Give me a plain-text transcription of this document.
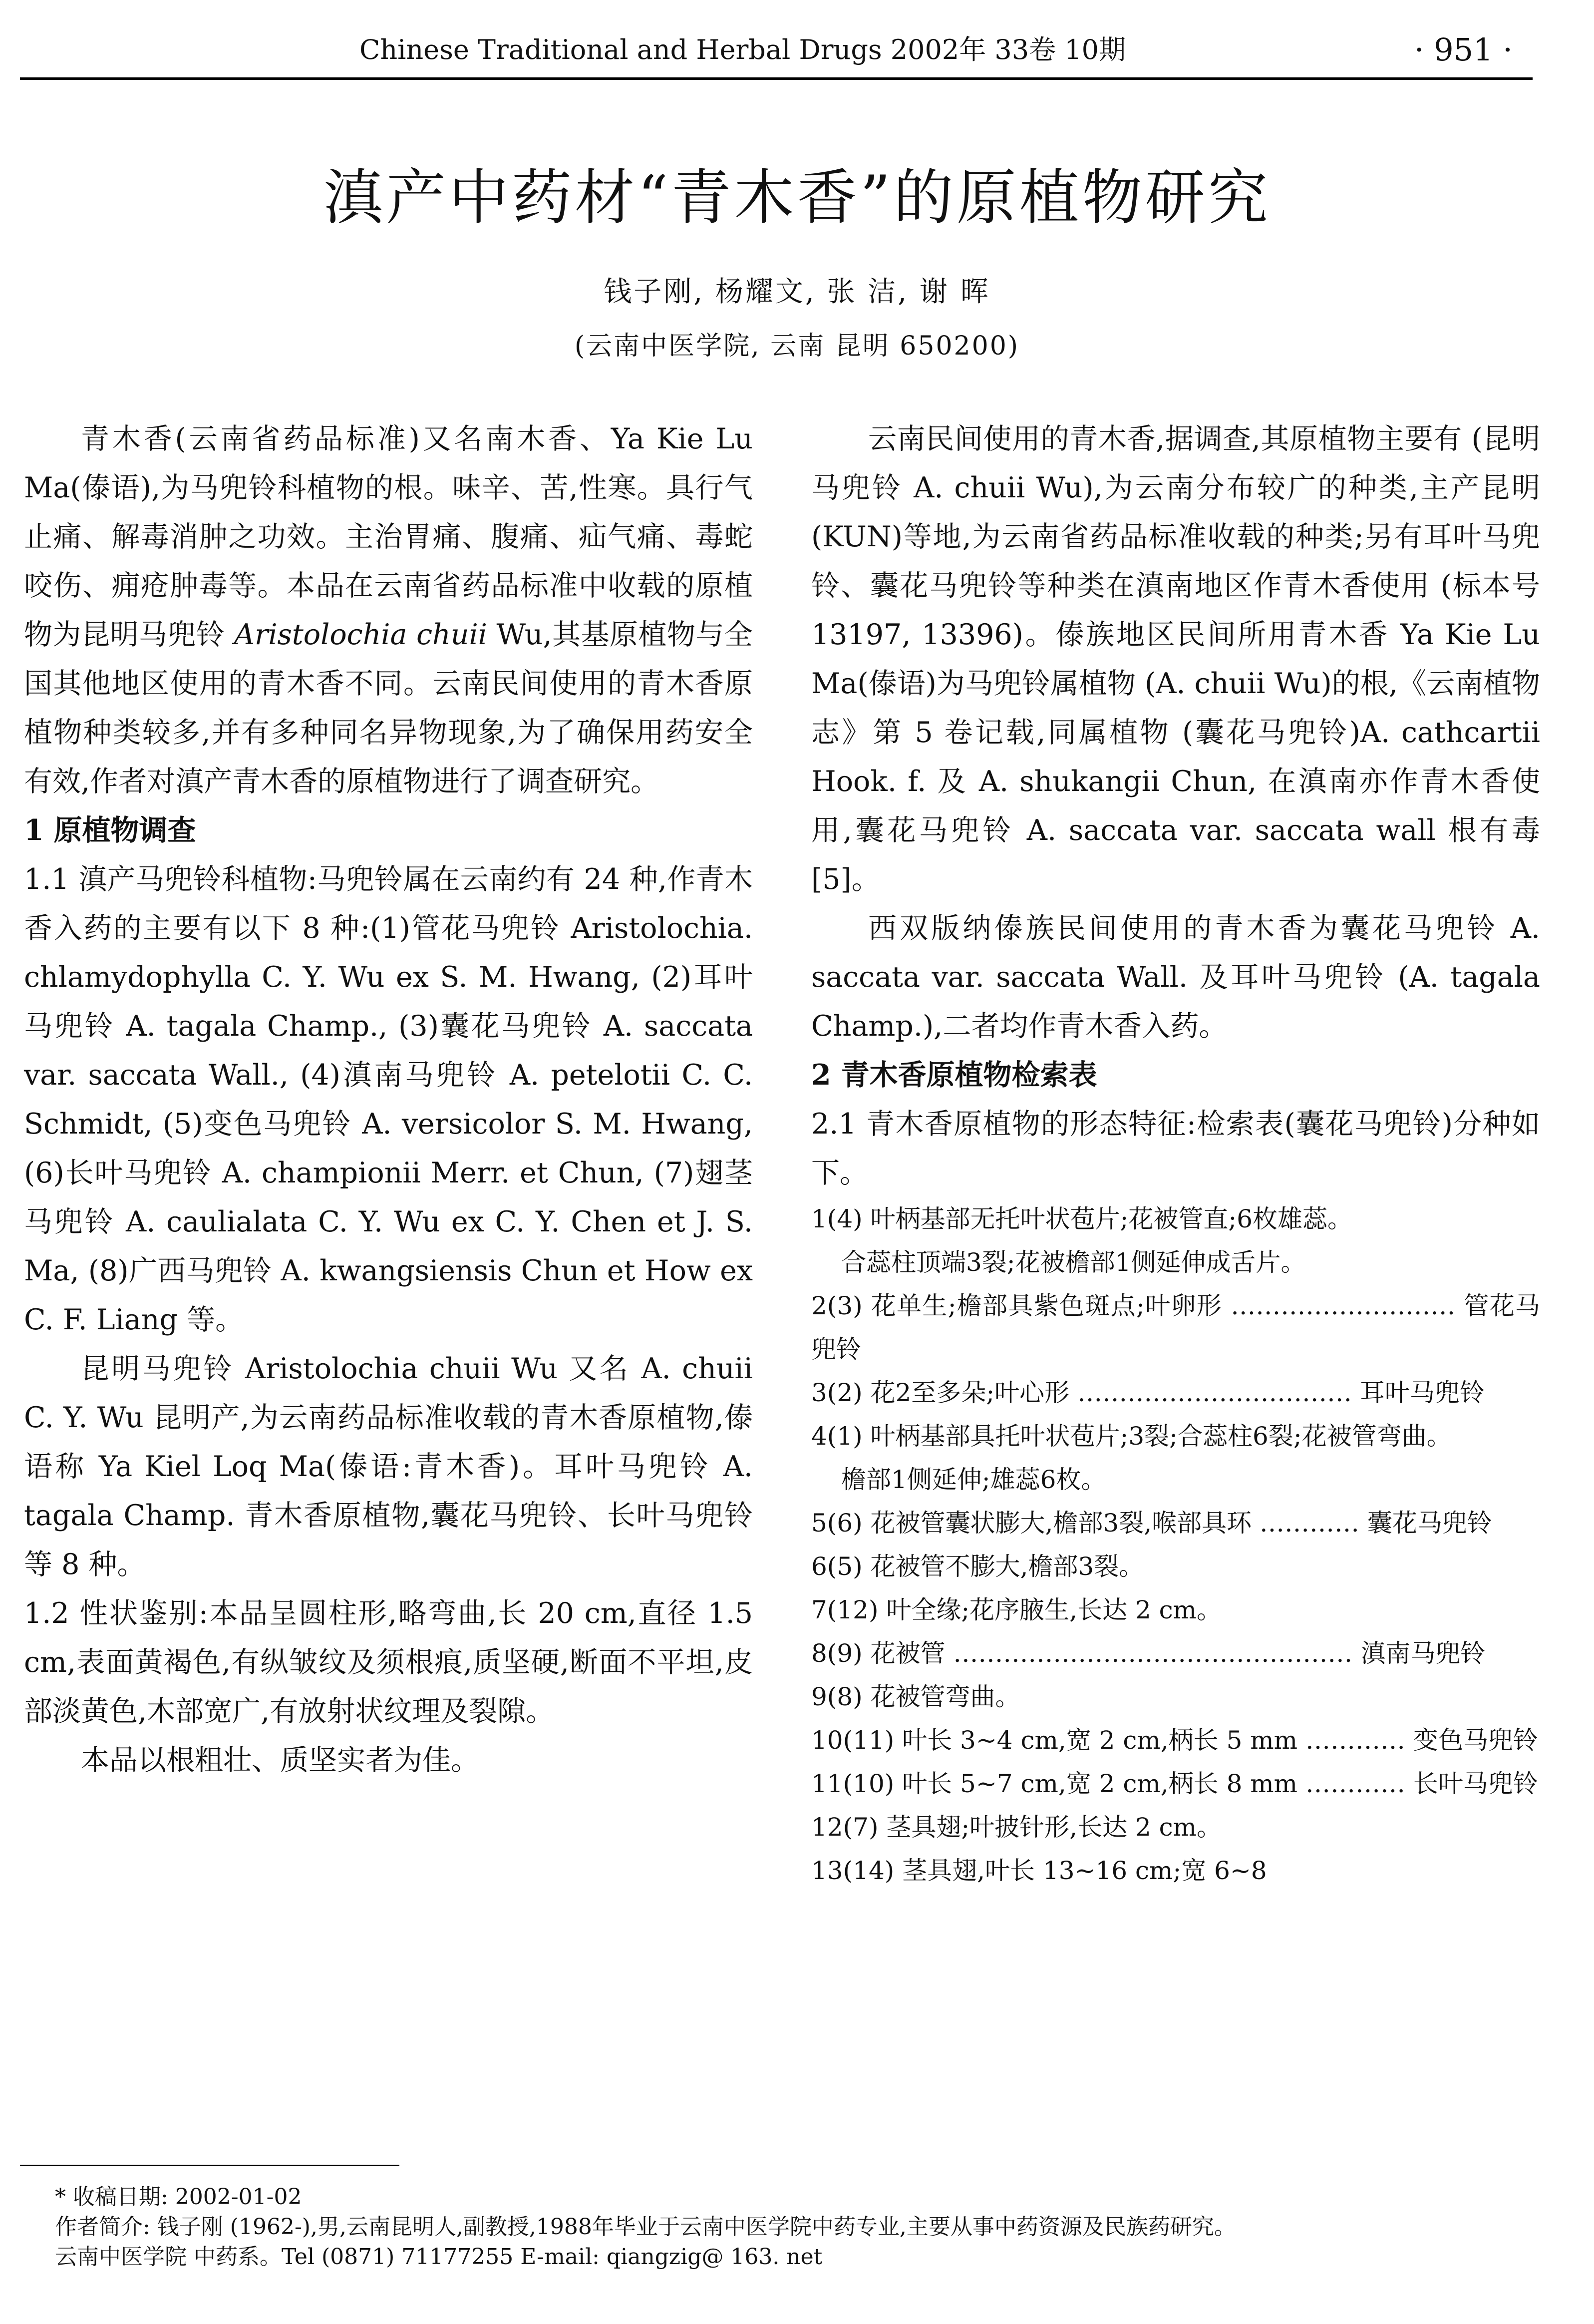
Chinese Traditional and Herbal Drugs 2002年 33卷 10期	· 951 ·
滇产中药材“青木香”的原植物研究
钱子刚, 杨耀文, 张 洁, 谢 晖
(云南中医学院, 云南 昆明 650200)

青木香(云南省药品标准)又名南木香、Ya Kie Lu Ma(傣语),为马兜铃科植物的根。味辛、苦,性寒。具行气止痛、解毒消肿之功效。主治胃痛、腹痛、疝气痛、毒蛇咬伤、痈疮肿毒等。本品在云南省药品标准中收载的原植物为昆明马兜铃 Aristolochia chuii Wu,其基原植物与全国其他地区使用的青木香不同。云南民间使用的青木香原植物种类较多,并有多种同名异物现象,为了确保用药安全有效,作者对滇产青木香的原植物进行了调查研究。

1 原植物调查

1.1 滇产马兜铃科植物:马兜铃属在云南约有 24 种,作青木香入药的主要有以下 8 种:(1)管花马兜铃 Aristolochia. chlamydophylla C. Y. Wu ex S. M. Hwang, (2)耳叶马兜铃 A. tagala Champ., (3)囊花马兜铃 A. saccata var. saccata Wall., (4)滇南马兜铃 A. petelotii C. C. Schmidt, (5)变色马兜铃 A. versicolor S. M. Hwang, (6)长叶马兜铃 A. championii Merr. et Chun, (7)翅茎马兜铃 A. caulialata C. Y. Wu ex C. Y. Chen et J. S. Ma, (8)广西马兜铃 A. kwangsiensis Chun et How ex C. F. Liang 等。

昆明马兜铃 Aristolochia chuii Wu 又名 A. chuii C. Y. Wu 昆明产,为云南药品标准收载的青木香原植物,傣语称 Ya Kiel Loq Ma(傣语:青木香)。耳叶马兜铃 A. tagala Champ. 青木香原植物,囊花马兜铃、长叶马兜铃等 8 种。

1.2 性状鉴别:本品呈圆柱形,略弯曲,长 20 cm,直径 1.5 cm,表面黄褐色,有纵皱纹及须根痕,质坚硬,断面不平坦,皮部淡黄色,木部宽广,有放射状纹理及裂隙。

本品以根粗壮、质坚实者为佳。

云南民间使用的青木香,据调查,其原植物主要有 (昆明马兜铃 A. chuii Wu),为云南分布较广的种类,主产昆明(KUN)等地,为云南省药品标准收载的种类;另有耳叶马兜铃、囊花马兜铃等种类在滇南地区作青木香使用 (标本号 13197, 13396)。傣族地区民间所用青木香 Ya Kie Lu Ma(傣语)为马兜铃属植物 (A. chuii Wu)的根,《云南植物志》第 5 卷记载,同属植物 (囊花马兜铃)A. cathcartii Hook. f. 及 A. shukangii Chun, 在滇南亦作青木香使用,囊花马兜铃 A. saccata var. saccata wall 根有毒 [5]。

西双版纳傣族民间使用的青木香为囊花马兜铃 A. saccata var. saccata Wall. 及耳叶马兜铃 (A. tagala Champ.),二者均作青木香入药。

2 青木香原植物检索表

2.1 青木香原植物的形态特征:检索表(囊花马兜铃)分种如下。

1(4) 叶柄基部无托叶状苞片;花被管直;6枚雄蕊。

合蕊柱顶端3裂;花被檐部1侧延伸成舌片。

2(3) 花单生;檐部具紫色斑点;叶卵形 ……………………… 管花马兜铃

3(2) 花2至多朵;叶心形 …………………………… 耳叶马兜铃

4(1) 叶柄基部具托叶状苞片;3裂;合蕊柱6裂;花被管弯曲。

檐部1侧延伸;雄蕊6枚。

5(6) 花被管囊状膨大,檐部3裂,喉部具环 ………… 囊花马兜铃

6(5) 花被管不膨大,檐部3裂。

7(12) 叶全缘;花序腋生,长达 2 cm。

8(9) 花被管 ………………………………………… 滇南马兜铃

9(8) 花被管弯曲。

10(11) 叶长 3~4 cm,宽 2 cm,柄长 5 mm ………… 变色马兜铃

11(10) 叶长 5~7 cm,宽 2 cm,柄长 8 mm ………… 长叶马兜铃

12(7) 茎具翅;叶披针形,长达 2 cm。

13(14) 茎具翅,叶长 13~16 cm;宽 6~8

* 收稿日期: 2002-01-02

作者简介: 钱子刚 (1962-),男,云南昆明人,副教授,1988年毕业于云南中医学院中药专业,主要从事中药资源及民族药研究。

云南中医学院 中药系。Tel (0871) 71177255 E-mail: qiangzig@ 163. net
